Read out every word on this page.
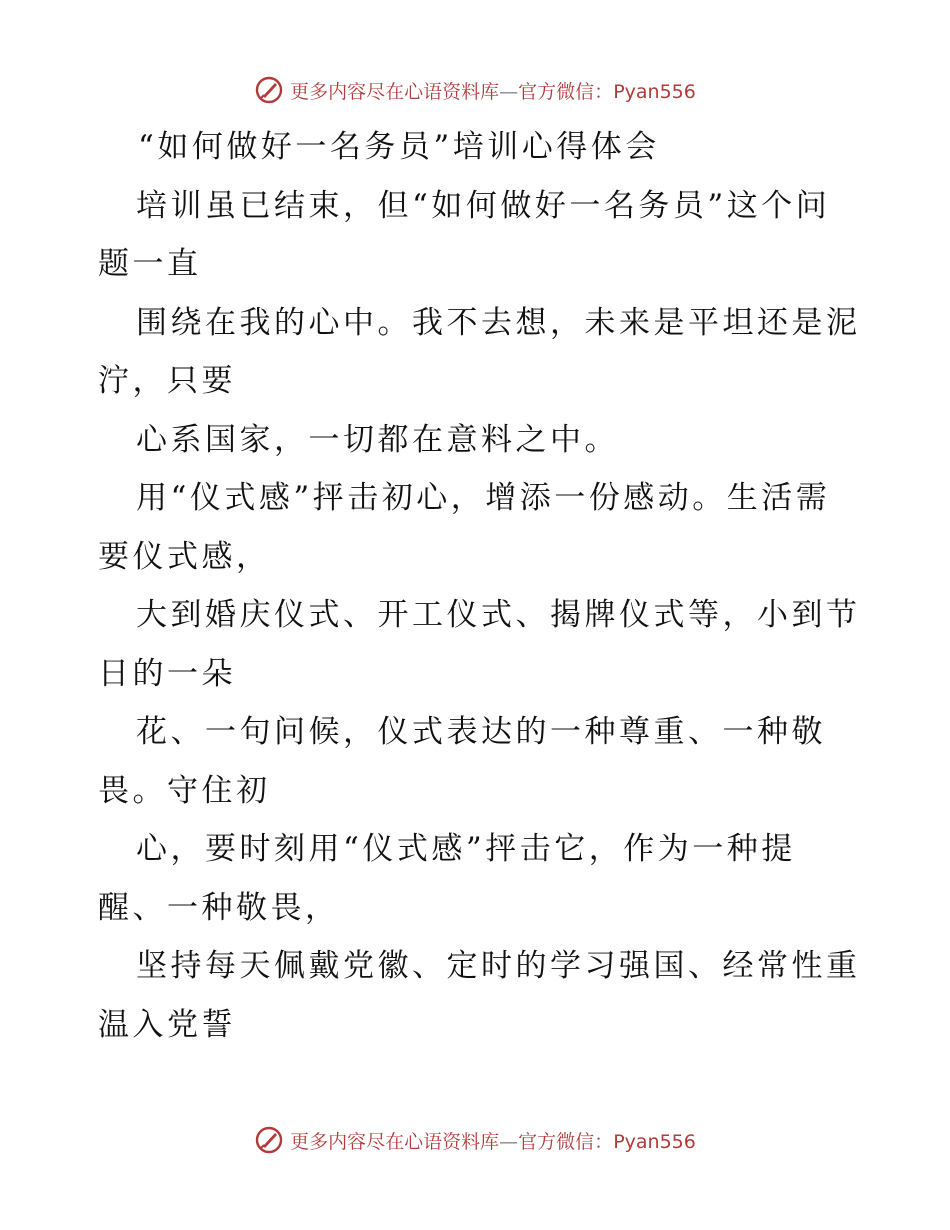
更多内容尽在心语资料库—官方微信：Pyan556
“如何做好一名务员”培训心得体会
培训虽已结束，但“如何做好一名务员”这个问
题一直
围绕在我的心中。我不去想，未来是平坦还是泥
泞，只要
心系国家，一切都在意料之中。
用“仪式感”抨击初心，增添一份感动。生活需
要仪式感，
大到婚庆仪式、开工仪式、揭牌仪式等，小到节
日的一朵
花、一句问候，仪式表达的一种尊重、一种敬
畏。守住初
心，要时刻用“仪式感”抨击它，作为一种提
醒、一种敬畏，
坚持每天佩戴党徽、定时的学习强国、经常性重
温入党誓
更多内容尽在心语资料库—官方微信：Pyan556
